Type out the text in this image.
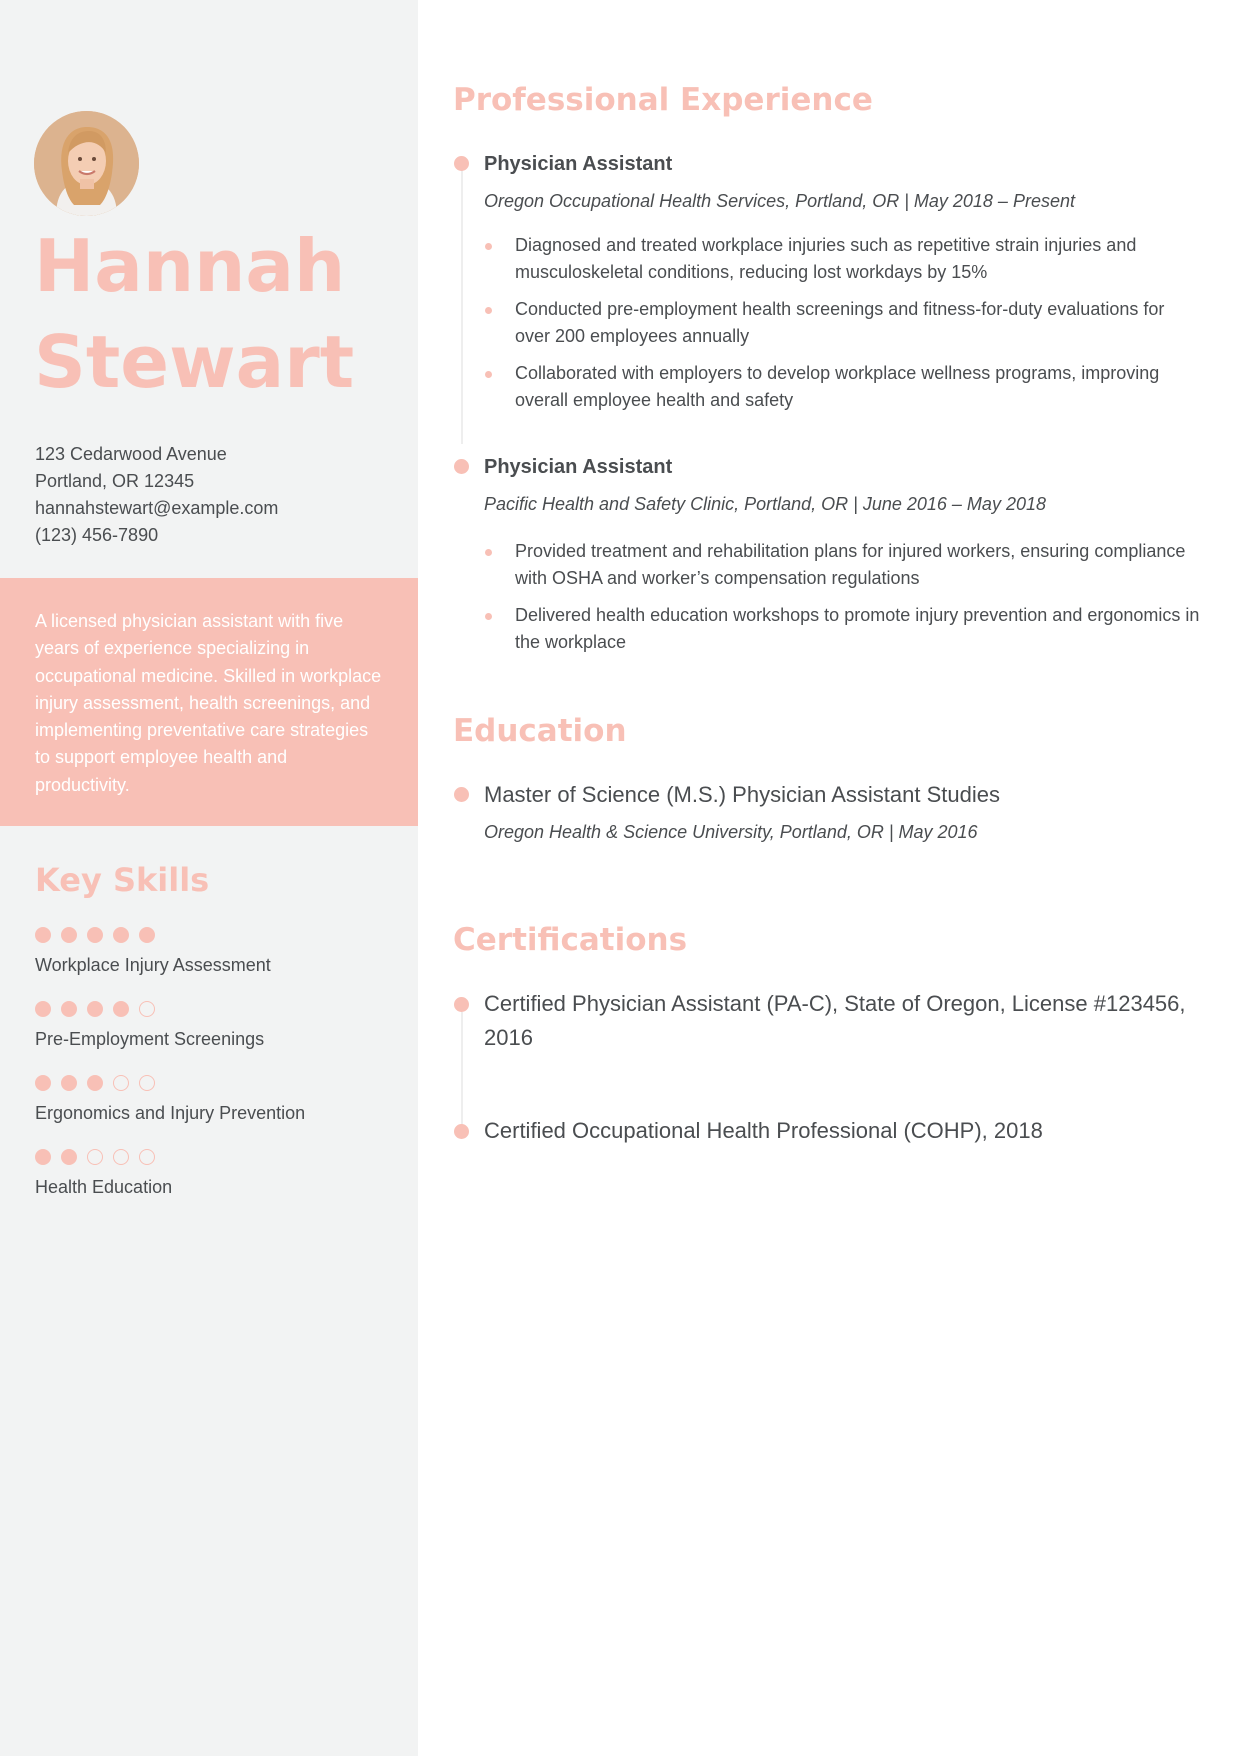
Hannah
Stewart
123 Cedarwood Avenue
Portland, OR 12345
hannahstewart@example.com
(123) 456-7890

A licensed physician assistant with five years of experience specializing in occupational medicine. Skilled in workplace injury assessment, health screenings, and implementing preventative care strategies to support employee health and productivity.

Key Skills
Workplace Injury Assessment
Pre-Employment Screenings
Ergonomics and Injury Prevention
Health Education
Professional Experience
Physician Assistant

Oregon Occupational Health Services, Portland, OR | May 2018 – Present

Diagnosed and treated workplace injuries such as repetitive strain injuries and musculoskeletal conditions, reducing lost workdays by 15%
Conducted pre-employment health screenings and fitness-for-duty evaluations for over 200 employees annually
Collaborated with employers to develop workplace wellness programs, improving overall employee health and safety
Physician Assistant

Pacific Health and Safety Clinic, Portland, OR | June 2016 – May 2018

Provided treatment and rehabilitation plans for injured workers, ensuring compliance with OSHA and worker’s compensation regulations
Delivered health education workshops to promote injury prevention and ergonomics in the workplace
Education

Master of Science (M.S.) Physician Assistant Studies

Oregon Health & Science University, Portland, OR | May 2016

Certifications

Certified Physician Assistant (PA-C), State of Oregon, License #123456, 2016

Certified Occupational Health Professional (COHP), 2018
